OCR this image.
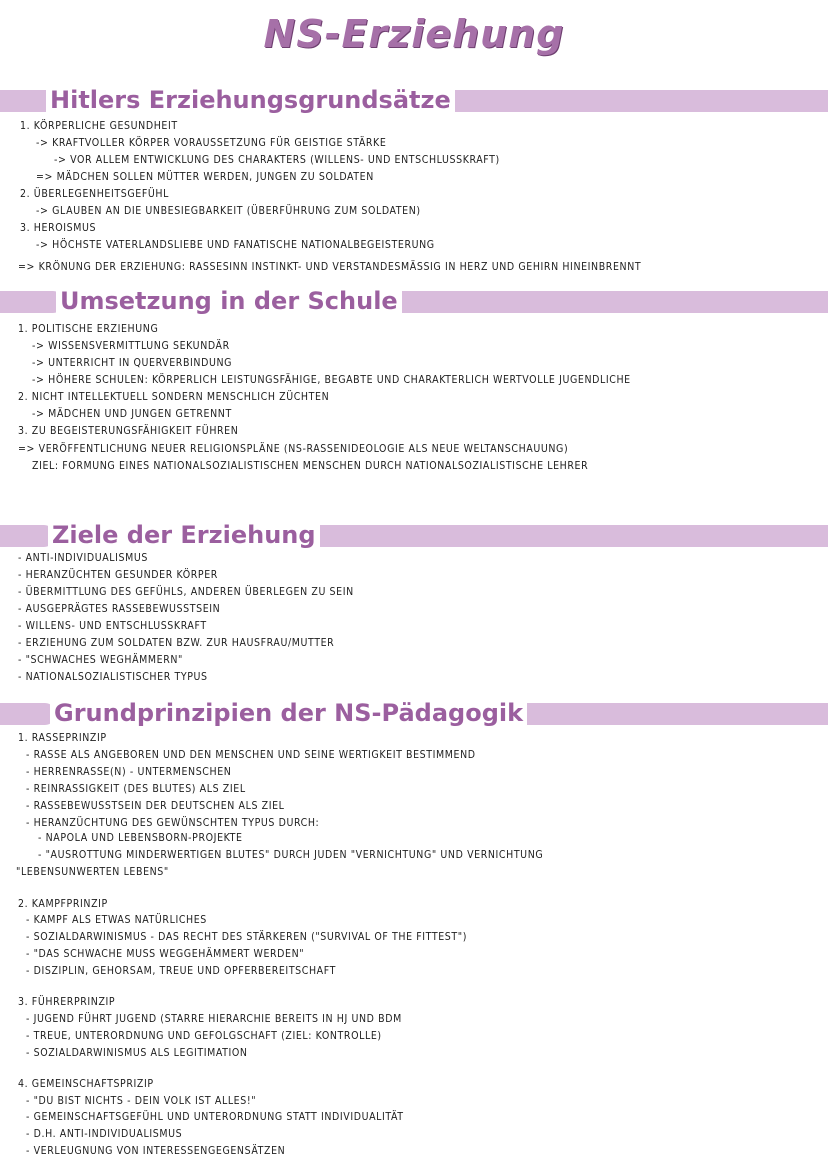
NS-Erziehung
Hitlers Erziehungsgrundsätze
1. KÖRPERLICHE GESUNDHEIT
-> KRAFTVOLLER KÖRPER VORAUSSETZUNG FÜR GEISTIGE STÄRKE
-> VOR ALLEM ENTWICKLUNG DES CHARAKTERS (WILLENS- UND ENTSCHLUSSKRAFT)
=> MÄDCHEN SOLLEN MÜTTER WERDEN, JUNGEN ZU SOLDATEN
2. ÜBERLEGENHEITSGEFÜHL
-> GLAUBEN AN DIE UNBESIEGBARKEIT (ÜBERFÜHRUNG ZUM SOLDATEN)
3. HEROISMUS
-> HÖCHSTE VATERLANDSLIEBE UND FANATISCHE NATIONALBEGEISTERUNG
=> KRÖNUNG DER ERZIEHUNG: RASSESINN INSTINKT- UND VERSTANDESMÄSSIG IN HERZ UND GEHIRN HINEINBRENNT
Umsetzung in der Schule
1. POLITISCHE ERZIEHUNG
-> WISSENSVERMITTLUNG SEKUNDÄR
-> UNTERRICHT IN QUERVERBINDUNG
-> HÖHERE SCHULEN: KÖRPERLICH LEISTUNGSFÄHIGE, BEGABTE UND CHARAKTERLICH WERTVOLLE JUGENDLICHE
2. NICHT INTELLEKTUELL SONDERN MENSCHLICH ZÜCHTEN
-> MÄDCHEN UND JUNGEN GETRENNT
3. ZU BEGEISTERUNGSFÄHIGKEIT FÜHREN
=> VERÖFFENTLICHUNG NEUER RELIGIONSPLÄNE (NS-RASSENIDEOLOGIE ALS NEUE WELTANSCHAUUNG)
ZIEL: FORMUNG EINES NATIONALSOZIALISTISCHEN MENSCHEN DURCH NATIONALSOZIALISTISCHE LEHRER
Ziele der Erziehung
- ANTI-INDIVIDUALISMUS
- HERANZÜCHTEN GESUNDER KÖRPER
- ÜBERMITTLUNG DES GEFÜHLS, ANDEREN ÜBERLEGEN ZU SEIN
- AUSGEPRÄGTES RASSEBEWUSSTSEIN
- WILLENS- UND ENTSCHLUSSKRAFT
- ERZIEHUNG ZUM SOLDATEN BZW. ZUR HAUSFRAU/MUTTER
- "SCHWACHES WEGHÄMMERN"
- NATIONALSOZIALISTISCHER TYPUS
Grundprinzipien der NS-Pädagogik
1. RASSEPRINZIP
- RASSE ALS ANGEBOREN UND DEN MENSCHEN UND SEINE WERTIGKEIT BESTIMMEND
- HERRENRASSE(N) - UNTERMENSCHEN
- REINRASSIGKEIT (DES BLUTES) ALS ZIEL
- RASSEBEWUSSTSEIN DER DEUTSCHEN ALS ZIEL
- HERANZÜCHTUNG DES GEWÜNSCHTEN TYPUS DURCH:
- NAPOLA UND LEBENSBORN-PROJEKTE
- "AUSROTTUNG MINDERWERTIGEN BLUTES" DURCH JUDEN "VERNICHTUNG" UND VERNICHTUNG
"LEBENSUNWERTEN LEBENS"
2. KAMPFPRINZIP
- KAMPF ALS ETWAS NATÜRLICHES
- SOZIALDARWINISMUS - DAS RECHT DES STÄRKEREN ("SURVIVAL OF THE FITTEST")
- "DAS SCHWACHE MUSS WEGGEHÄMMERT WERDEN"
- DISZIPLIN, GEHORSAM, TREUE UND OPFERBEREITSCHAFT
3. FÜHRERPRINZIP
- JUGEND FÜHRT JUGEND (STARRE HIERARCHIE BEREITS IN HJ UND BDM
- TREUE, UNTERORDNUNG UND GEFOLGSCHAFT (ZIEL: KONTROLLE)
- SOZIALDARWINISMUS ALS LEGITIMATION
4. GEMEINSCHAFTSPRIZIP
- "DU BIST NICHTS - DEIN VOLK IST ALLES!"
- GEMEINSCHAFTSGEFÜHL UND UNTERORDNUNG STATT INDIVIDUALITÄT
- D.H. ANTI-INDIVIDUALISMUS
- VERLEUGNUNG VON INTERESSENGEGENSÄTZEN
